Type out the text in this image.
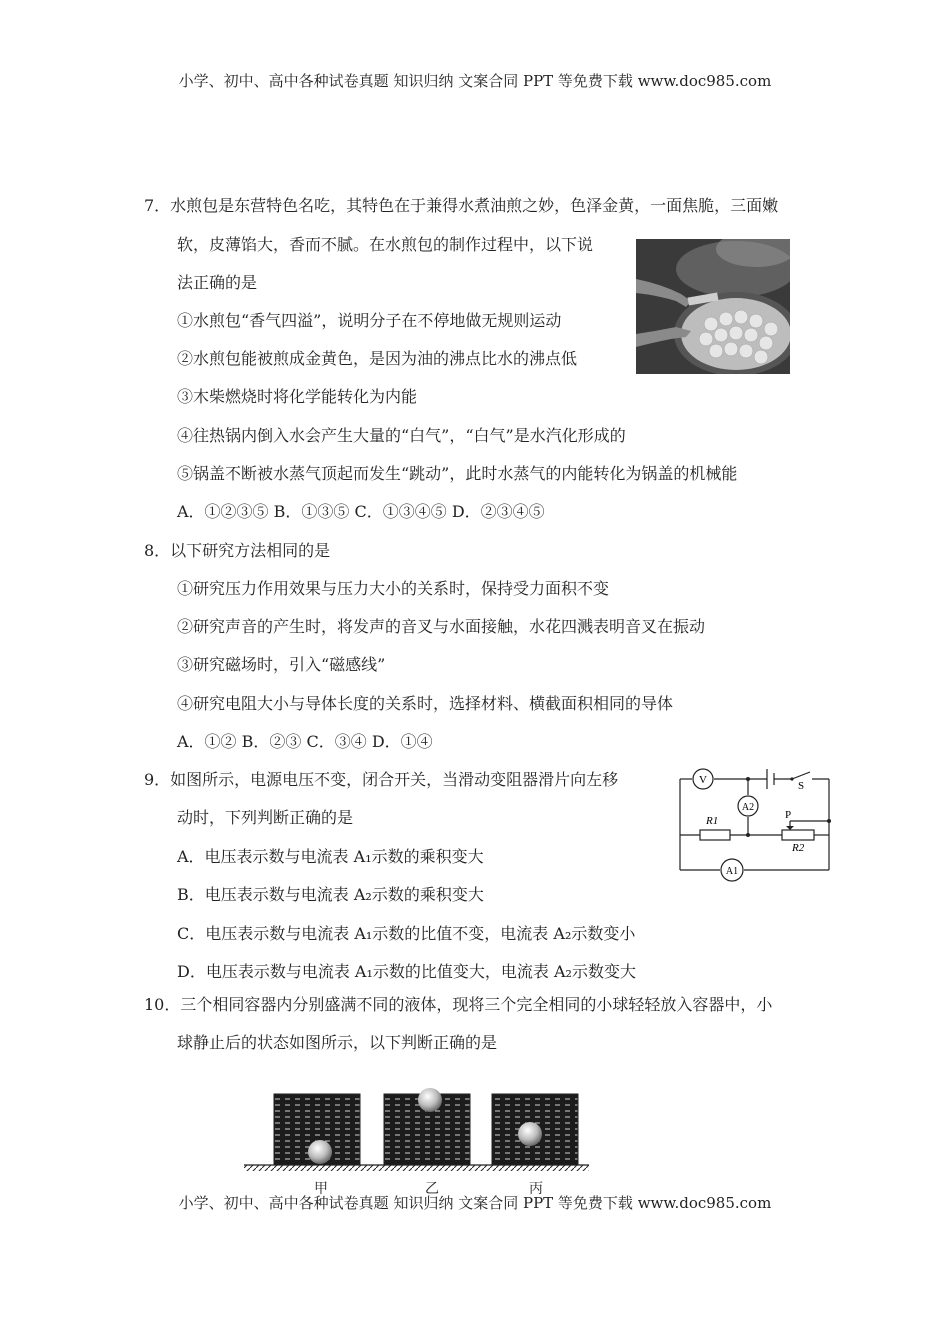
小学、初中、高中各种试卷真题 知识归纳 文案合同 PPT 等免费下载 www.doc985.com
7．水煎包是东营特色名吃，其特色在于兼得水煮油煎之妙，色泽金黄，一面焦脆，三面嫩
软，皮薄馅大，香而不腻。在水煎包的制作过程中，以下说
法正确的是
①水煎包“香气四溢”，说明分子在不停地做无规则运动
②水煎包能被煎成金黄色，是因为油的沸点比水的沸点低
③木柴燃烧时将化学能转化为内能
④往热锅内倒入水会产生大量的“白气”，“白气”是水汽化形成的
⑤锅盖不断被水蒸气顶起而发生“跳动”，此时水蒸气的内能转化为锅盖的机械能
A．①②③⑤ B．①③⑤ C．①③④⑤ D．②③④⑤
8．以下研究方法相同的是
①研究压力作用效果与压力大小的关系时，保持受力面积不变
②研究声音的产生时，将发声的音叉与水面接触，水花四溅表明音叉在振动
③研究磁场时，引入“磁感线”
④研究电阻大小与导体长度的关系时，选择材料、横截面积相同的导体
A．①② B．②③ C．③④ D．①④
9．如图所示，电源电压不变，闭合开关，当滑动变阻器滑片向左移
动时，下列判断正确的是
A．电压表示数与电流表 A₁示数的乘积变大
B．电压表示数与电流表 A₂示数的乘积变大
C．电压表示数与电流表 A₁示数的比值不变，电流表 A₂示数变小
D．电压表示数与电流表 A₁示数的比值变大，电流表 A₂示数变大
V
A2
A1
R1
R2
P
S
10．三个相同容器内分别盛满不同的液体，现将三个完全相同的小球轻轻放入容器中，小
球静止后的状态如图所示，以下判断正确的是
甲	乙	丙
小学、初中、高中各种试卷真题 知识归纳 文案合同 PPT 等免费下载 www.doc985.com
